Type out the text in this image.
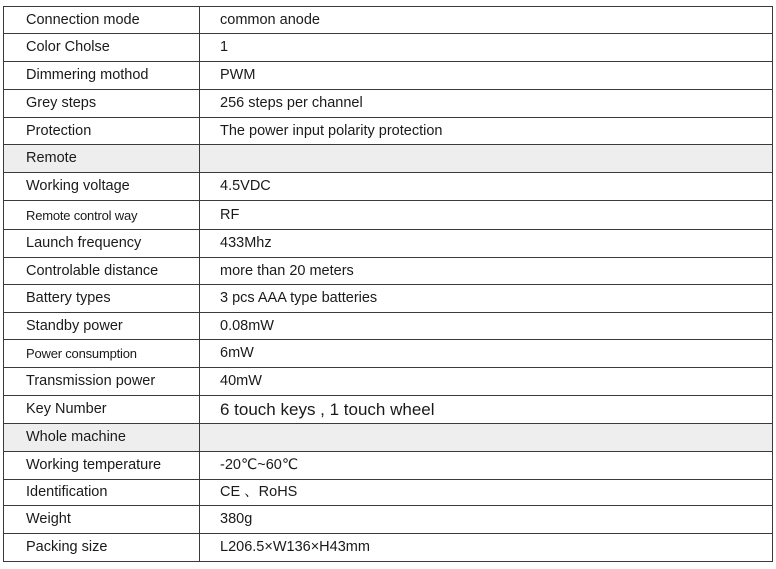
Connection mode	common anode
Color Cholse	1
Dimmering mothod	PWM
Grey steps	256 steps per channel
Protection	The power input polarity protection
Remote	
Working voltage	4.5VDC
Remote control way	RF
Launch frequency	433Mhz
Controlable distance	more than 20 meters
Battery types	3 pcs AAA type batteries
Standby power	0.08mW
Power consumption	6mW
Transmission power	40mW
Key Number	6 touch keys , 1 touch wheel
Whole machine	
Working temperature	-20℃~60℃
Identification	CE 、RoHS
Weight	380g
Packing size	L206.5×W136×H43mm
